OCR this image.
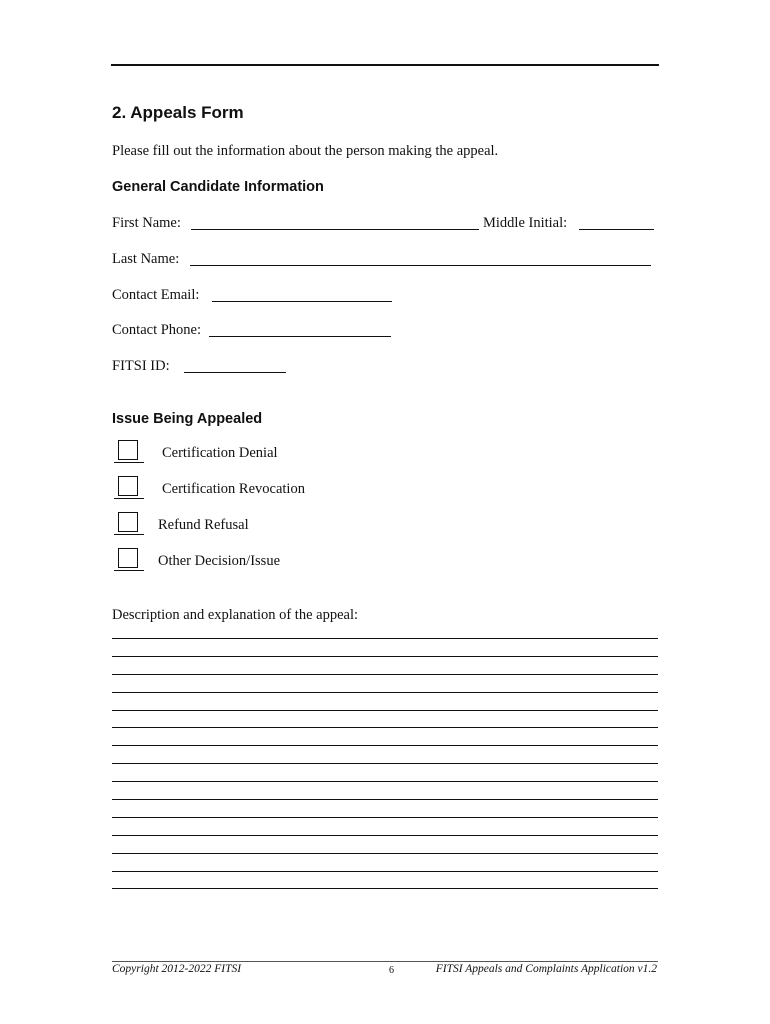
2. Appeals Form
Please fill out the information about the person making the appeal.
General Candidate Information
First Name:	Middle Initial:
Last Name:
Contact Email:
Contact Phone:
FITSI ID:
Issue Being Appealed
Certification Denial
Certification Revocation
Refund Refusal
Other Decision/Issue
Description and explanation of the appeal:
Copyright 2012-2022 FITSI	6	FITSI Appeals and Complaints Application v1.2
